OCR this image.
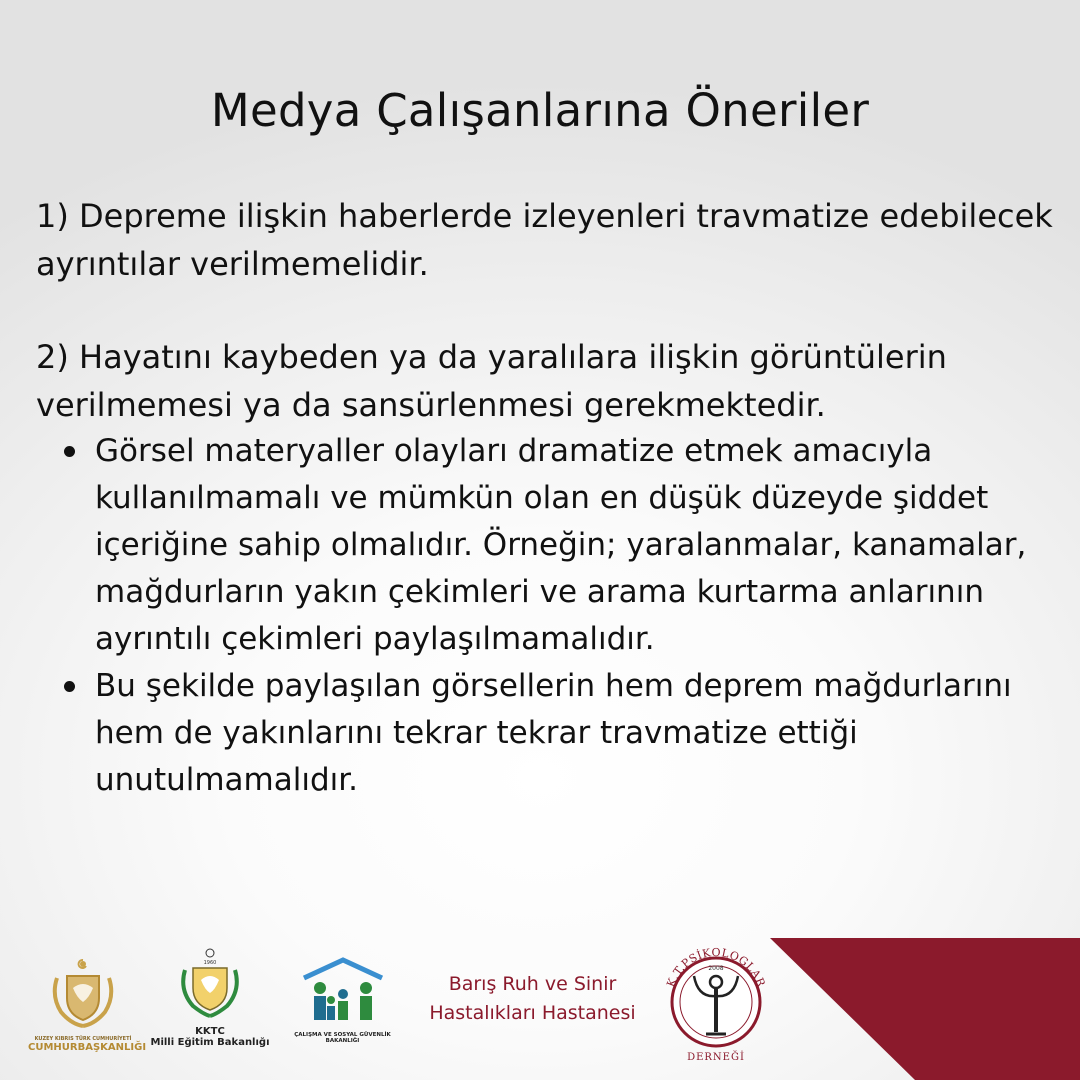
Medya Çalışanlarına Öneriler
1) Depreme ilişkin haberlerde izleyenleri travmatize edebilecek ayrıntılar verilmemelidir.
2) Hayatını kaybeden ya da yaralılara ilişkin görüntülerin verilmemesi ya da sansürlenmesi gerekmektedir.
Görsel materyaller olayları dramatize etmek amacıyla kullanılmamalı ve mümkün olan en düşük düzeyde şiddet içeriğine sahip olmalıdır. Örneğin; yaralanmalar, kanamalar, mağdurların yakın çekimleri ve arama kurtarma anlarının ayrıntılı çekimleri paylaşılmamalıdır.
Bu şekilde paylaşılan görsellerin hem deprem mağdurlarını hem de yakınlarını tekrar tekrar travmatize ettiği unutulmamalıdır.
KUZEY KIBRIS TÜRK CUMHURİYETİ
CUMHURBAŞKANLIĞI
1960
KKTC
Milli Eğitim Bakanlığı
ÇALIŞMA VE SOSYAL GÜVENLİK
BAKANLIĞI
Barış Ruh ve Sinir
Hastalıkları Hastanesi
K.T.PSİKOLOGLAR
2008
DERNEĞİ
